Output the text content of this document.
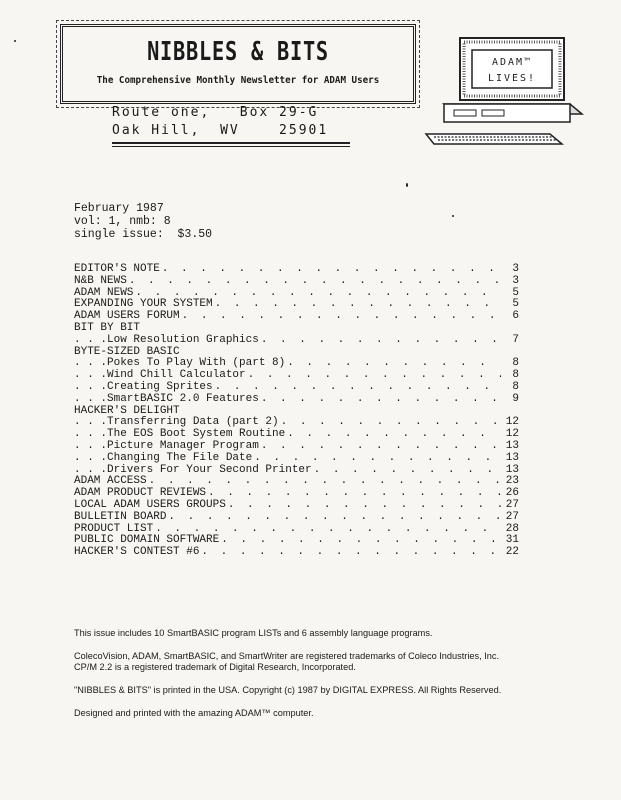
NIBBLES & BITS
The Comprehensive Monthly Newsletter for ADAM Users
Route one,   Box 29-G
Oak Hill,  WV    25901
ADAM™
LIVES!
February 1987
vol: 1, nmb: 8
single issue:  $3.50
EDITOR'S NOTE . . .	3
N&B NEWS . . .	3
ADAM NEWS . . .	5
EXPANDING YOUR SYSTEM . . .	5
ADAM USERS FORUM . . .	6
BIT BY BIT
. . .Low Resolution Graphics . . .	7
BYTE-SIZED BASIC
. . .Pokes To Play With (part 8) . . .	8
. . .Wind Chill Calculator . . .	8
. . .Creating Sprites . . .	8
. . .SmartBASIC 2.0 Features . . .	9
HACKER'S DELIGHT
. . .Transferring Data (part 2) . . .	12
. . .The EOS Boot System Routine . . .	12
. . .Picture Manager Program . . .	13
. . .Changing The File Date . . .	13
. . .Drivers For Your Second Printer . . .	13
ADAM ACCESS . . .	23
ADAM PRODUCT REVIEWS . . .	26
LOCAL ADAM USERS GROUPS . . .	27
BULLETIN BOARD . . .	27
PRODUCT LIST . . .	28
PUBLIC DOMAIN SOFTWARE . . .	31
HACKER'S CONTEST #6 . . .	22
This issue includes 10 SmartBASIC program LISTs and 6 assembly language programs.
ColecoVision, ADAM, SmartBASIC, and SmartWriter are registered trademarks of Coleco Industries, Inc.
CP/M 2.2 is a registered trademark of Digital Research, Incorporated.
"NIBBLES & BITS" is printed in the USA. Copyright (c) 1987 by DIGITAL EXPRESS. All Rights Reserved.
Designed and printed with the amazing ADAM™ computer.
